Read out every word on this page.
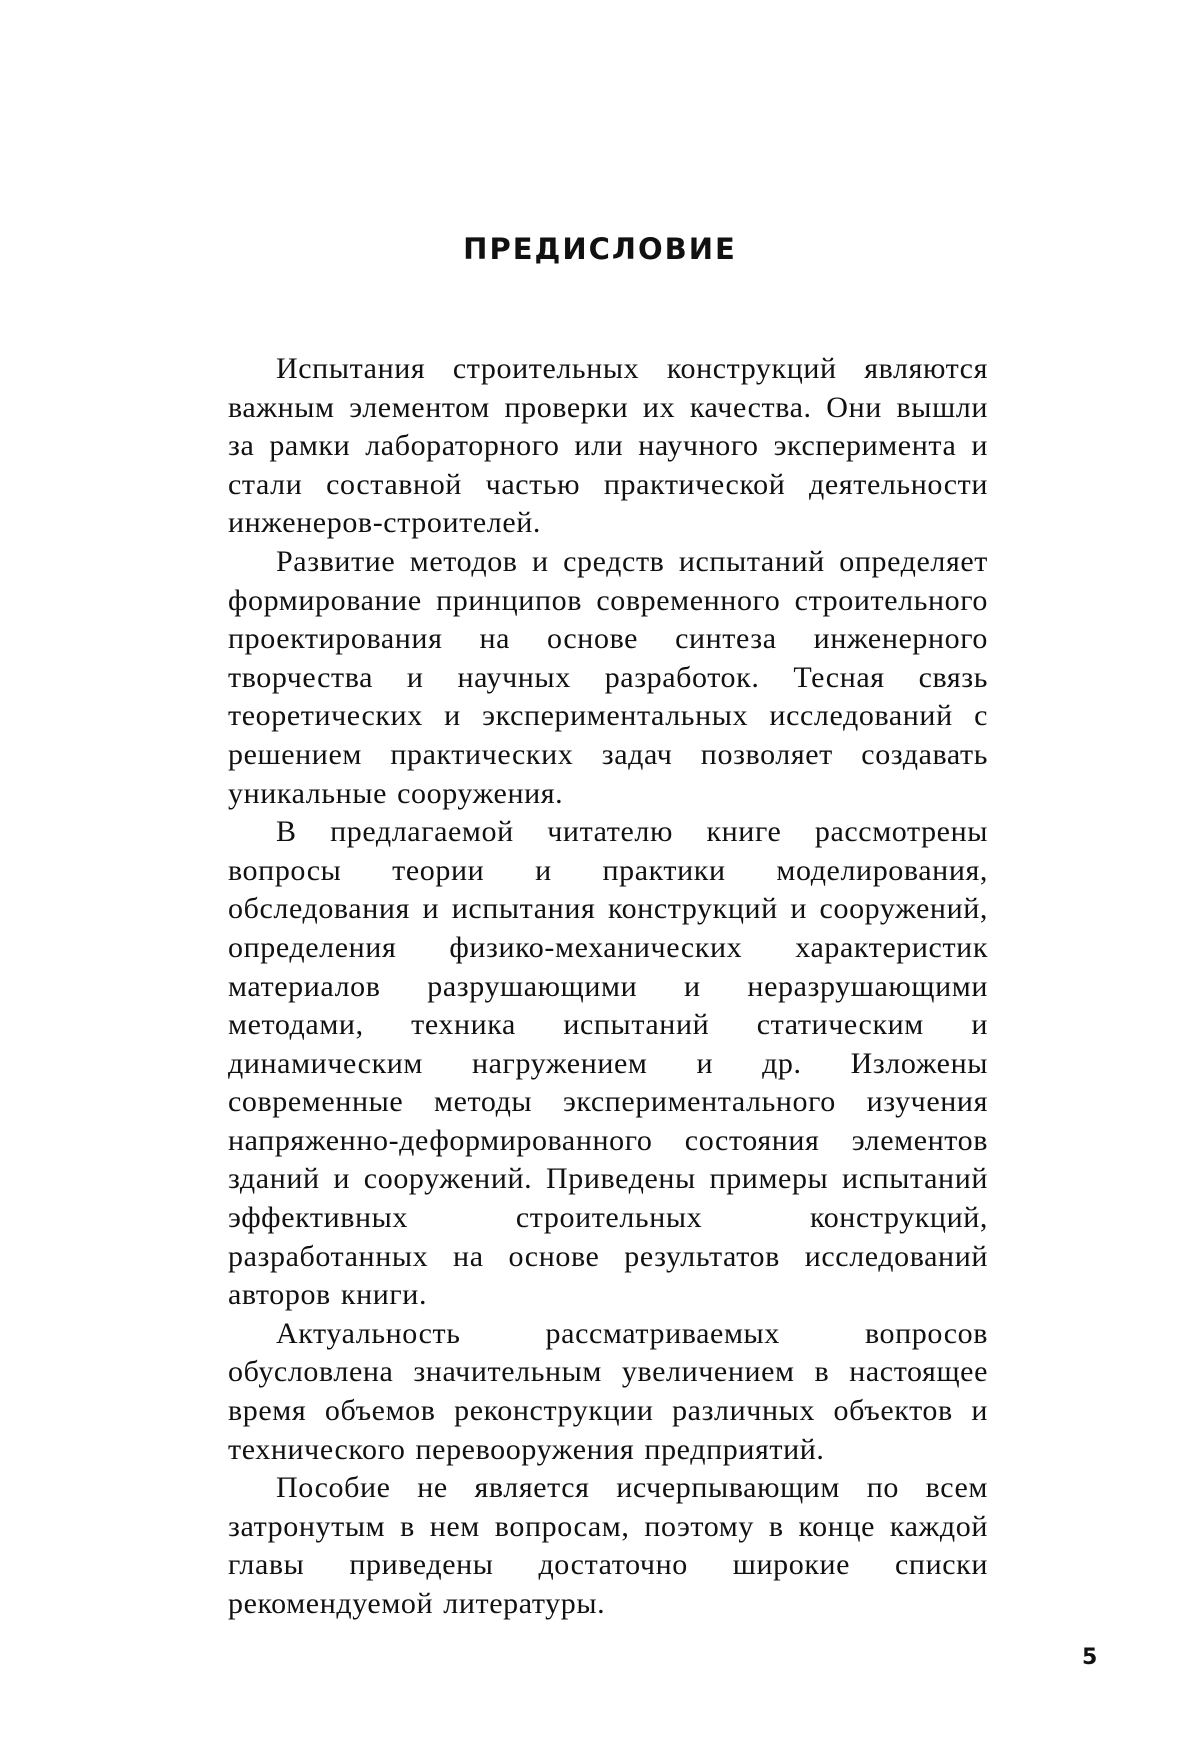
ПРЕДИСЛОВИЕ

Испытания строительных конструкций являются важным элементом проверки их качества. Они вышли за рамки лабораторного или научного эксперимента и стали составной частью практической деятельности инженеров-строителей.

Развитие методов и средств испытаний определяет формирование принципов современного строительного проектирования на основе синтеза инженерного творчества и научных разработок. Тесная связь теоретических и экспериментальных исследований с решением практических задач позволяет создавать уникальные сооружения.

В предлагаемой читателю книге рассмотрены вопросы теории и практики моделирования, обследования и испытания конструкций и сооружений, определения физико-механических характеристик материалов разрушающими и неразрушающими методами, техника испытаний статическим и динамическим нагружением и др. Изложены современные методы экспериментального изучения напряженно-деформированного состояния элементов зданий и сооружений. Приведены примеры испытаний эффективных строительных конструкций, разработанных на основе результатов исследований авторов книги.

Актуальность рассматриваемых вопросов обусловлена значительным увеличением в настоящее время объемов реконструкции различных объектов и технического перевооружения предприятий.

Пособие не является исчерпывающим по всем затронутым в нем вопросам, поэтому в конце каждой главы приведены достаточно широкие списки рекомендуемой литературы.

5
